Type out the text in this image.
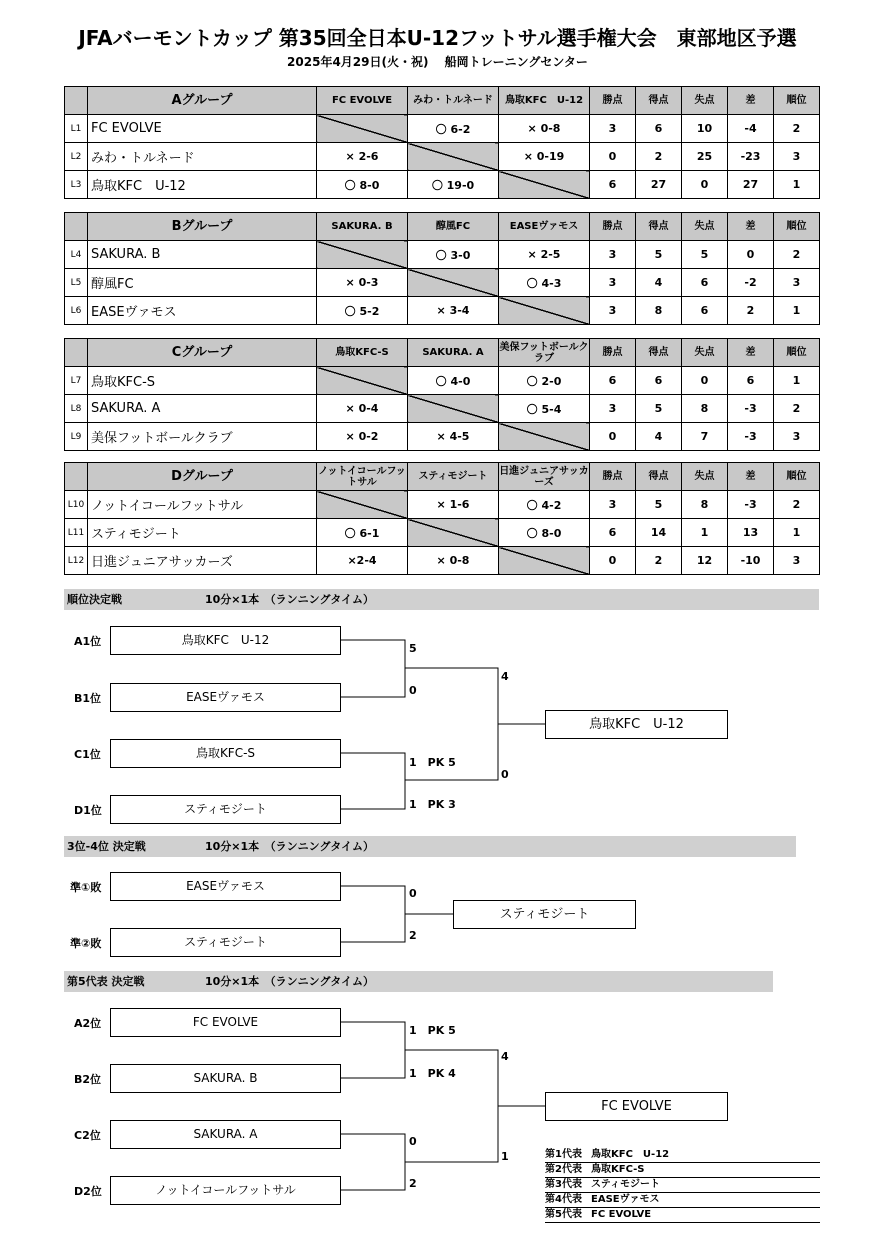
JFAバーモントカップ 第35回全日本U-12フットサル選手権大会　東部地区予選
2025年4月29日(火・祝)　 船岡トレーニングセンター
	Aグループ	FC EVOLVE	みわ・トルネード	鳥取KFC　U-12	勝点	得点	失点	差	順位
L1	FC EVOLVE		〇 6-2	× 0-8	3	6	10	-4	2
L2	みわ・トルネード	× 2-6		× 0-19	0	2	25	-23	3
L3	鳥取KFC　U-12	〇 8-0	〇 19-0		6	27	0	27	1
	Bグループ	SAKURA. B	醇風FC	EASEヴァモス	勝点	得点	失点	差	順位
L4	SAKURA. B		〇 3-0	× 2-5	3	5	5	0	2
L5	醇風FC	× 0-3		〇 4-3	3	4	6	-2	3
L6	EASEヴァモス	〇 5-2	× 3-4		3	8	6	2	1
	Cグループ	鳥取KFC-S	SAKURA. A	美保フットボールクラブ	勝点	得点	失点	差	順位
L7	鳥取KFC-S		〇 4-0	〇 2-0	6	6	0	6	1
L8	SAKURA. A	× 0-4		〇 5-4	3	5	8	-3	2
L9	美保フットボールクラブ	× 0-2	× 4-5		0	4	7	-3	3
	Dグループ	ノットイコールフットサル	スティモジート	日進ジュニアサッカーズ	勝点	得点	失点	差	順位
L10	ノットイコールフットサル		× 1-6	〇 4-2	3	5	8	-3	2
L11	スティモジート	〇 6-1		〇 8-0	6	14	1	13	1
L12	日進ジュニアサッカーズ	×2-4	× 0-8		0	2	12	-10	3
順位決定戦	10分×1本　（ランニングタイム）
3位-4位 決定戦	10分×1本　（ランニングタイム）
第5代表 決定戦	10分×1本　（ランニングタイム）
A1位	鳥取KFC　U-12
B1位	EASEヴァモス
C1位	鳥取KFC-S
D1位	スティモジート
5
0
1　PK 5
1　PK 3
4
0
鳥取KFC　U-12
準①敗	EASEヴァモス
準②敗	スティモジート
0
2
スティモジート
A2位	FC EVOLVE
B2位	SAKURA. B
C2位	SAKURA. A
D2位	ノットイコールフットサル
1　PK 5
1　PK 4
0
2
4
1
FC EVOLVE
第1代表 鳥取KFC　U-12
第2代表 鳥取KFC-S
第3代表 スティモジート
第4代表 EASEヴァモス
第5代表 FC EVOLVE
